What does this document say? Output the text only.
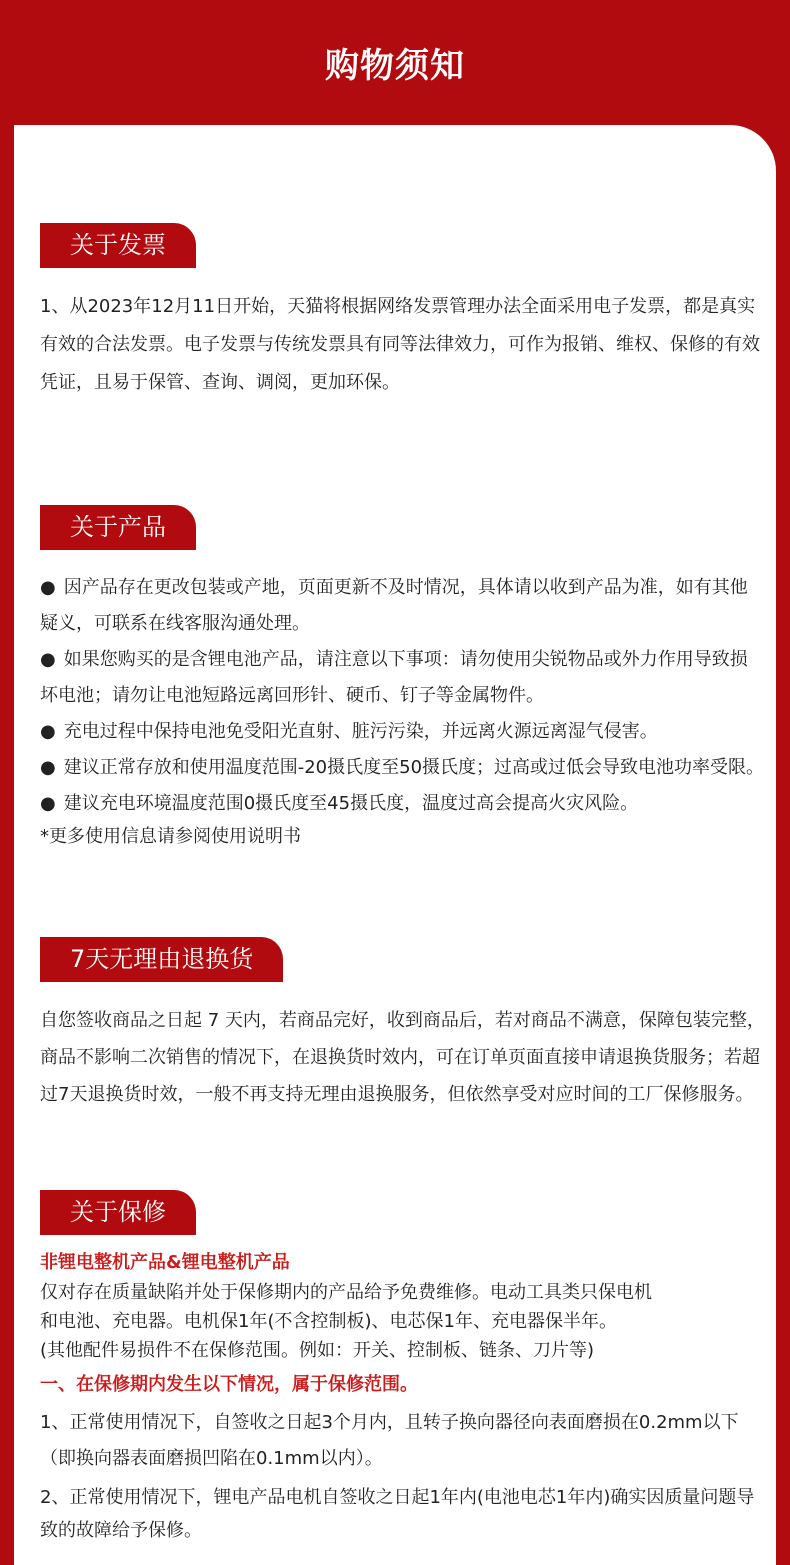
购物须知
关于发票

1、从2023年12月11日开始，天猫将根据网络发票管理办法全面采用电子发票，都是真实有效的合法发票。电子发票与传统发票具有同等法律效力，可作为报销、维权、保修的有效凭证，且易于保管、查询、调阅，更加环保。

关于产品

● 因产品存在更改包装或产地，页面更新不及时情况，具体请以收到产品为准，如有其他疑义，可联系在线客服沟通处理。

● 如果您购买的是含锂电池产品，请注意以下事项：请勿使用尖锐物品或外力作用导致损坏电池；请勿让电池短路远离回形针、硬币、钉子等金属物件。

● 充电过程中保持电池免受阳光直射、脏污污染，并远离火源远离湿气侵害。

● 建议正常存放和使用温度范围-20摄氏度至50摄氏度；过高或过低会导致电池功率受限。

● 建议充电环境温度范围0摄氏度至45摄氏度，温度过高会提高火灾风险。

*更多使用信息请参阅使用说明书

7天无理由退换货

自您签收商品之日起 7 天内，若商品完好，收到商品后，若对商品不满意，保障包装完整，商品不影响二次销售的情况下，在退换货时效内，可在订单页面直接申请退换货服务；若超过7天退换货时效，一般不再支持无理由退换服务，但依然享受对应时间的工厂保修服务。

关于保修

非锂电整机产品&锂电整机产品

仅对存在质量缺陷并处于保修期内的产品给予免费维修。电动工具类只保电机

和电池、充电器。电机保1年(不含控制板)、电芯保1年、充电器保半年。

(其他配件易损件不在保修范围。例如：开关、控制板、链条、刀片等)

一、在保修期内发生以下情况，属于保修范围。

1、正常使用情况下，自签收之日起3个月内，且转子换向器径向表面磨损在0.2mm以下（即换向器表面磨损凹陷在0.1mm以内）。

2、正常使用情况下，锂电产品电机自签收之日起1年内(电池电芯1年内)确实因质量问题导致的故障给予保修。
